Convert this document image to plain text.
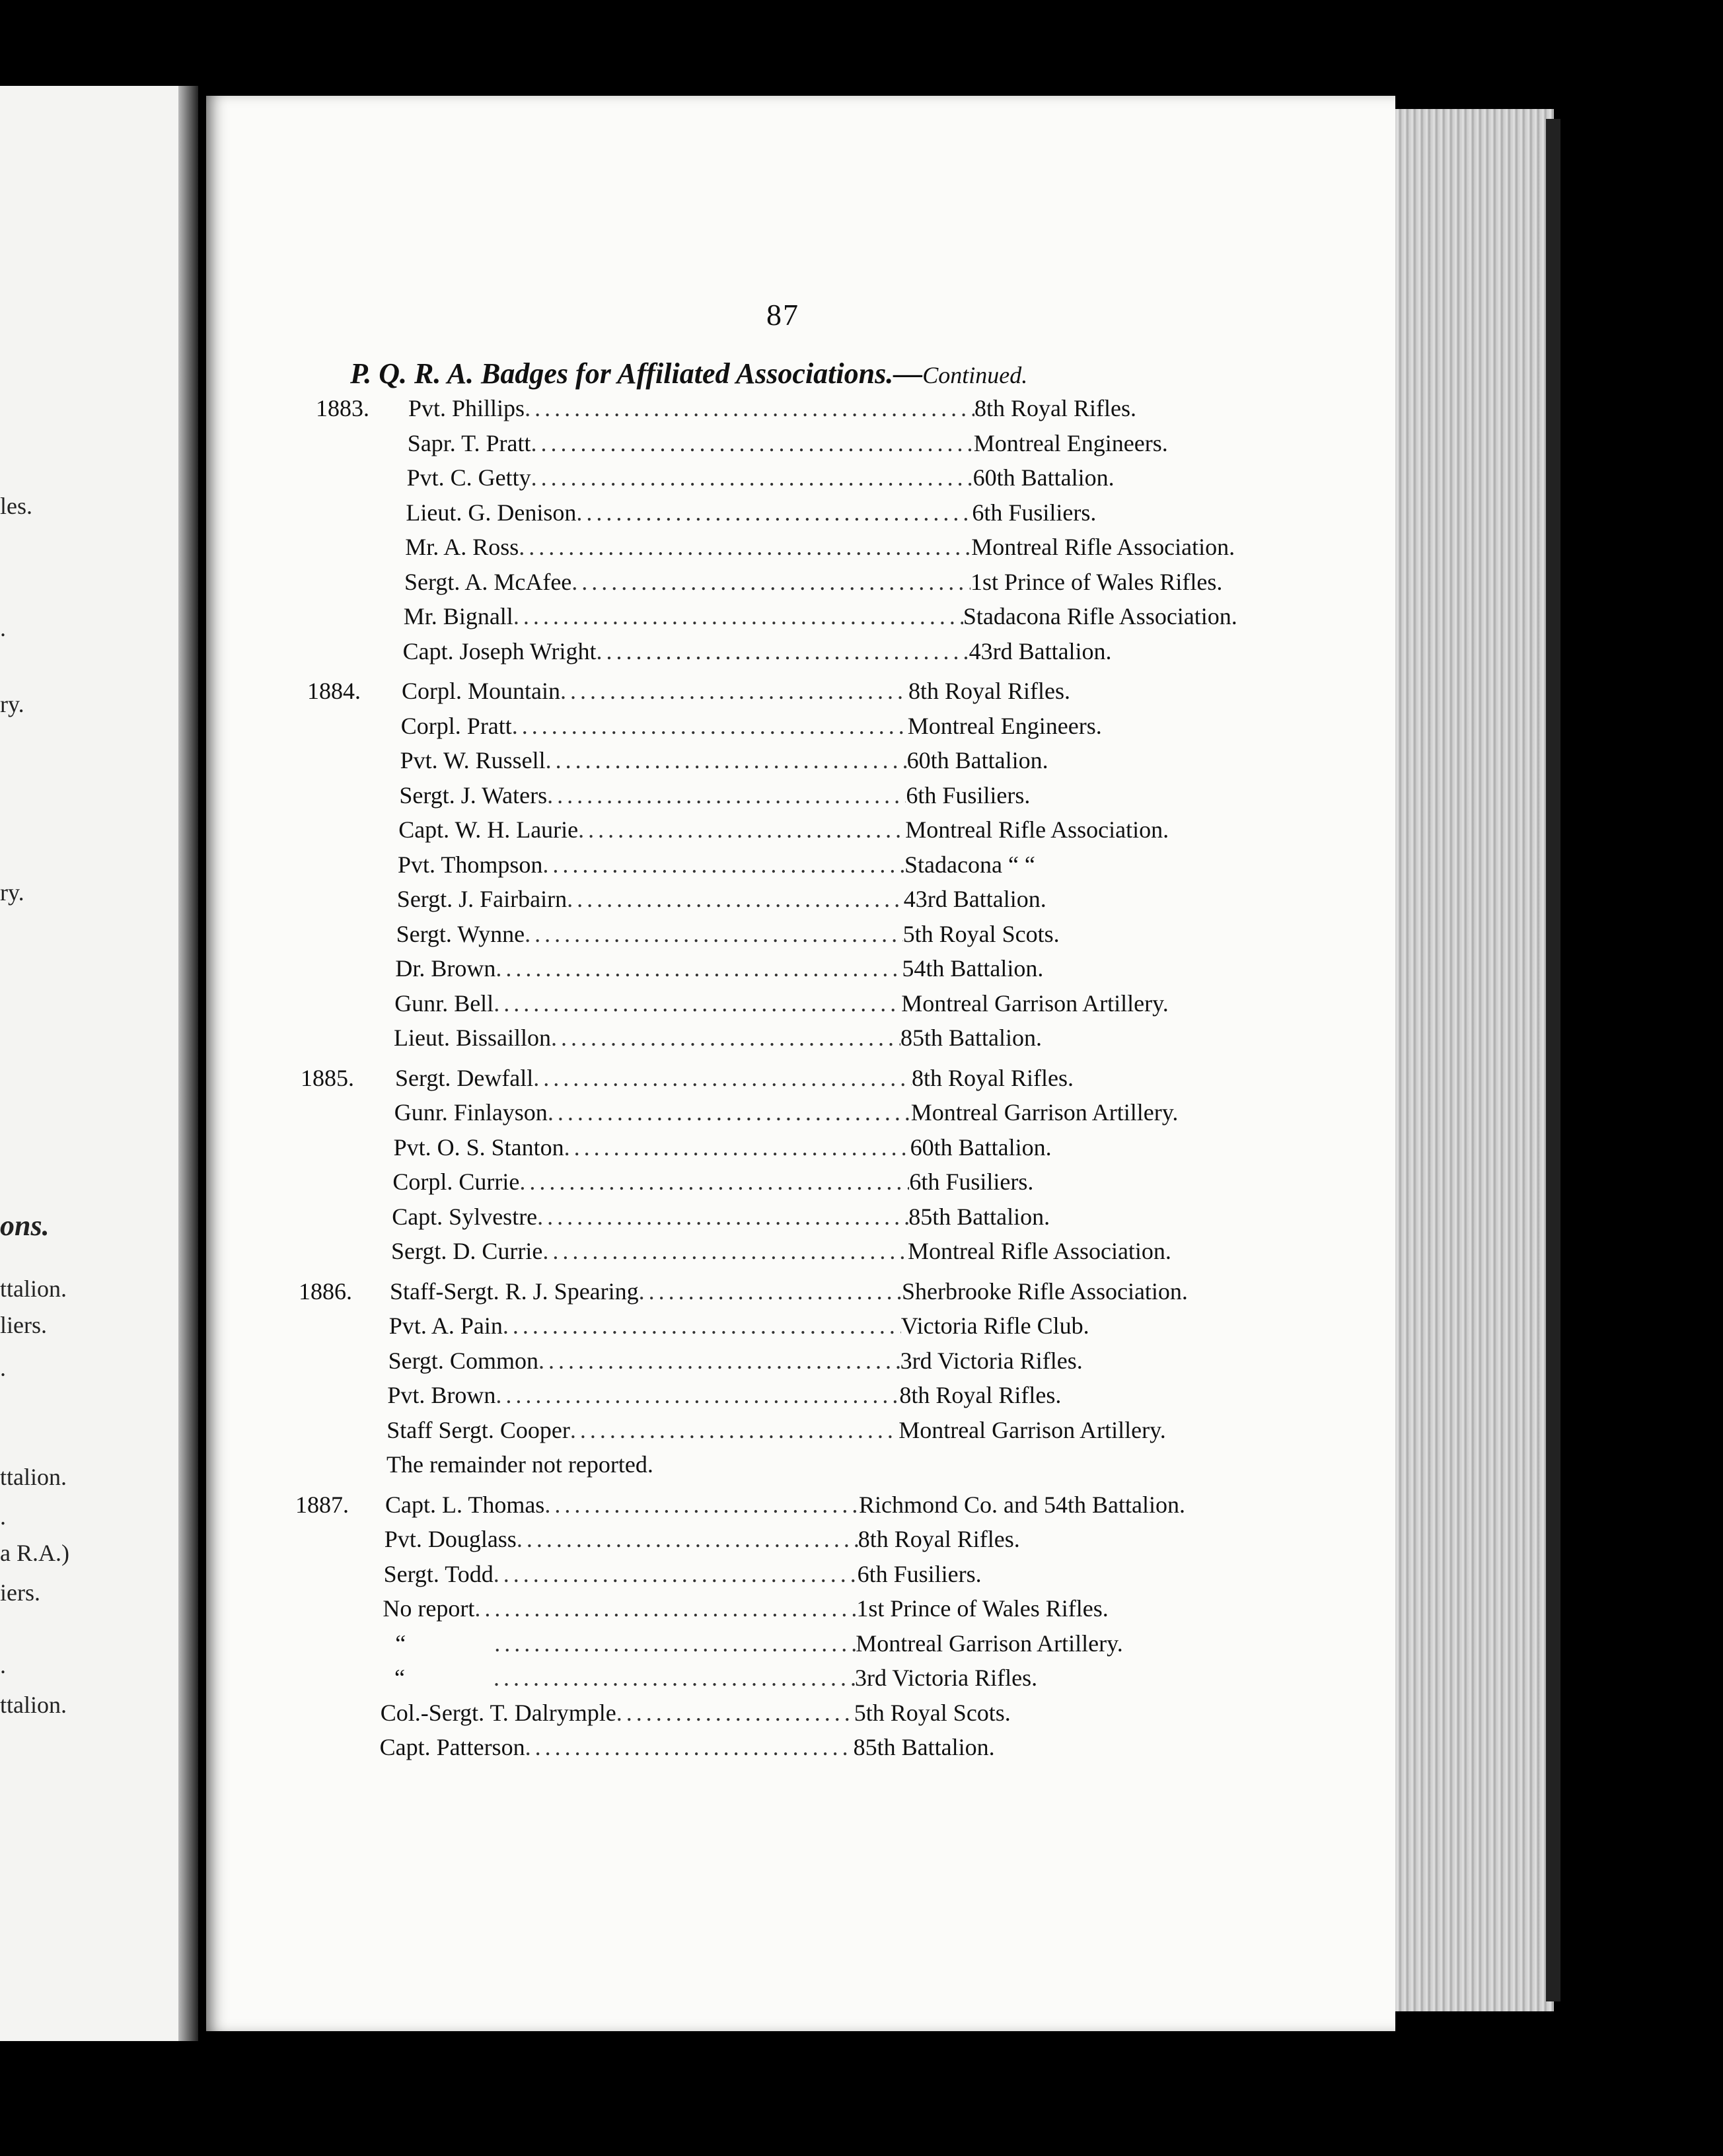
les.
.
ry.
ry.
ons.
ttalion.
liers.
.
ttalion.
.
a R.A.)
iers.
.
ttalion.
87
P. Q. R. A. Badges for Affiliated Associations.—Continued.
1883. Pvt. Phillips .....	8th Royal Rifles.
Sapr. T. Pratt .....	Montreal Engineers.
Pvt. C. Getty .....	60th Battalion.
Lieut. G. Denison .....	6th Fusiliers.
Mr. A. Ross .....	Montreal Rifle Association.
Sergt. A. McAfee .....	1st Prince of Wales Rifles.
Mr. Bignall .....	Stadacona Rifle Association.
Capt. Joseph Wright .....	43rd Battalion.
1884. Corpl. Mountain .....	8th Royal Rifles.
Corpl. Pratt .....	Montreal Engineers.
Pvt. W. Russell .....	60th Battalion.
Sergt. J. Waters .....	6th Fusiliers.
Capt. W. H. Laurie .....	Montreal Rifle Association.
Pvt. Thompson .....	Stadacona “ “
Sergt. J. Fairbairn .....	43rd Battalion.
Sergt. Wynne .....	5th Royal Scots.
Dr. Brown .....	54th Battalion.
Gunr. Bell .....	Montreal Garrison Artillery.
Lieut. Bissaillon .....	85th Battalion.
1885. Sergt. Dewfall .....	8th Royal Rifles.
Gunr. Finlayson .....	Montreal Garrison Artillery.
Pvt. O. S. Stanton .....	60th Battalion.
Corpl. Currie .....	6th Fusiliers.
Capt. Sylvestre .....	85th Battalion.
Sergt. D. Currie .....	Montreal Rifle Association.
1886. Staff-Sergt. R. J. Spearing .....	Sherbrooke Rifle Association.
Pvt. A. Pain .....	Victoria Rifle Club.
Sergt. Common .....	3rd Victoria Rifles.
Pvt. Brown .....	8th Royal Rifles.
Staff Sergt. Cooper .....	Montreal Garrison Artillery.
The remainder not reported.
1887. Capt. L. Thomas .....	Richmond Co. and 54th Battalion.
Pvt. Douglass .....	8th Royal Rifles.
Sergt. Todd .....	6th Fusiliers.
No report .....	1st Prince of Wales Rifles.
“ .....	Montreal Garrison Artillery.
“ .....	3rd Victoria Rifles.
Col.-Sergt. T. Dalrymple .....	5th Royal Scots.
Capt. Patterson .....	85th Battalion.
